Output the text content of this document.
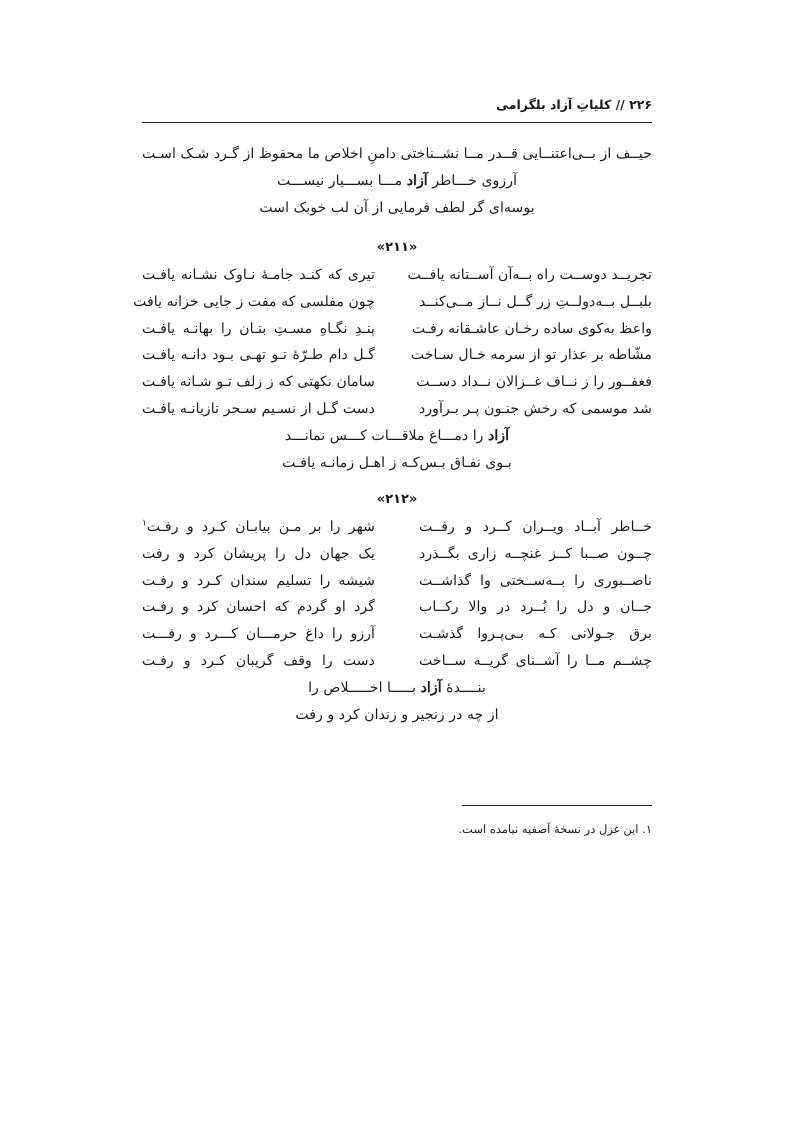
۲۲۶ // کلیاتِ آزاد بلگرامی
حیــف از بــی‌اعتنــایی قــدر مــا نشــناختی دامنِ اخلاص ما محفوظ از گـرد شـک اسـت
آرزوی خـــاطر آزاد مـــا بســـیار نیســـت
بوسه‌ای گر لطف فرمایی از آن لب خوبک است
«۲۱۱»
تجریــد دوســت راه بــه‌آن آســتانه یافــت
تیری که کنـد جامـهٔ نـاوک نشـانه یافـت
بلبــل بــه‌دولــتِ زر گــل نــاز مــی‌کنــد
چون مفلسی که مفت ز جایی خزانه یافت
واعظ به‌کوی ساده رخـان عاشـقانه رفـت
پنـدِ نگـاهِ مسـتِ بتـان را بهانـه یافـت
مشّاطه بر عذار تو از سرمه خـال سـاخت
گـل دام طـرّهٔ تـو تهـی بـود دانـه یافـت
فغفــور را ز نــاف غــزالان نــداد دســت
سامان نکهتی که ز زلف تـو شـانه یافـت
شد موسمی که رخش جنـون پـر بـرآورد
دست گـل از نسـیم سـحر تازیانـه یافـت
آزاد را دمـــاغ ملاقـــات کـــس نمانـــد
بـوی نفـاق بـس‌کـه ز اهـل زمانـه یافـت
«۲۱۲»
خــاطر آبــاد ویــران کــرد و رفــت
شهر را بر مـن بیابـان کـرد و رفـت$^۱$
چــون صــبا کــز غنچــه زاری بگــذرد
یک جهان دل را پریشان کرد و رفت
ناصــبوری را بــه‌ســختی وا گذاشــت
شیشه را تسلیم سندان کـرد و رفـت
جــان و دل را بُــرد در والا رکــاب
گرد او گردم که احسان کرد و رفـت
برق جـولانی کـه بـی‌پـروا گذشـت
آرزو را داغ حرمـــان کـــرد و رفـــت
چشــم مــا را آشــنای گریــه ســاخت
دست را وقف گریبان کـرد و رفـت
بنــــدهٔ آزاد بـــــا اخـــــلاص را
از چه در زنجیر و زندان کرد و رفت
۱. این غزل در نسخهٔ آصفیه نیامده است.
